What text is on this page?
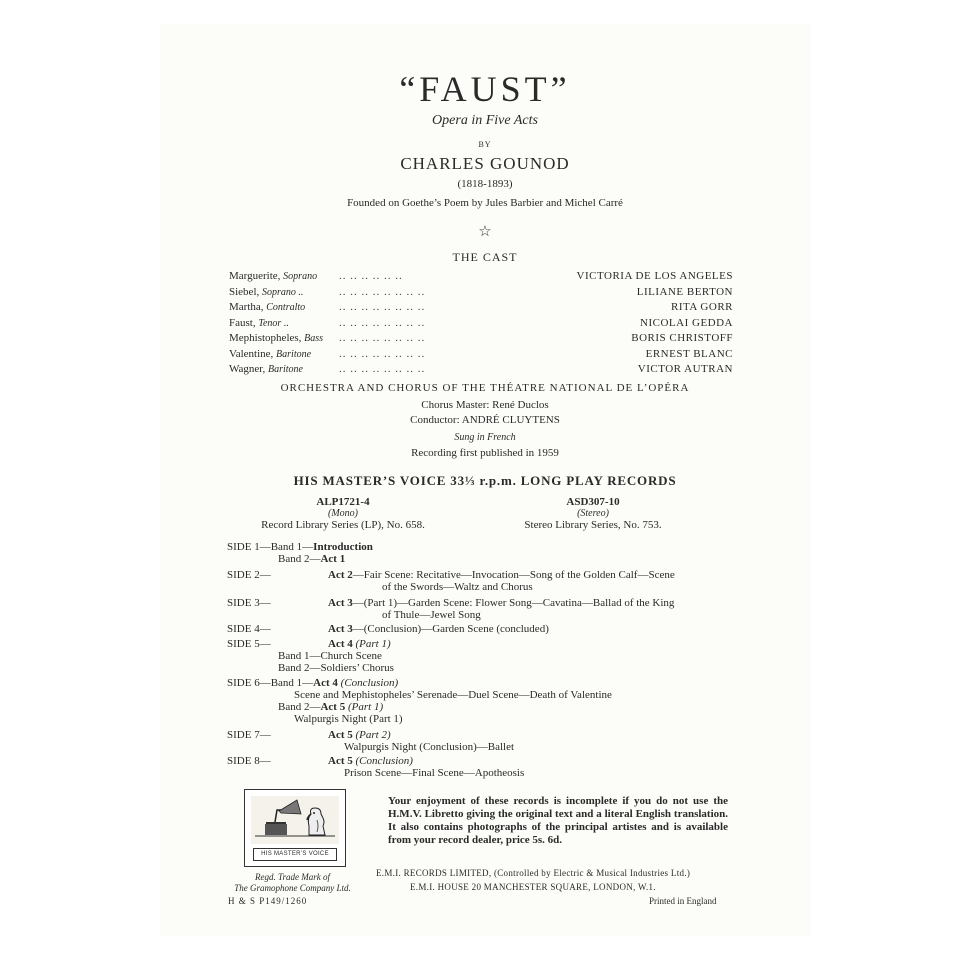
“FAUST”
Opera in Five Acts
BY
CHARLES GOUNOD
(1818-1893)
Founded on Goethe’s Poem by Jules Barbier and Michel Carré
☆
THE CAST
Marguerite, Soprano .. .. .. .. .. ..	VICTORIA DE LOS ANGELES
Siebel, Soprano ..	.. .. .. .. .. .. .. ..	LILIANE BERTON
Martha, Contralto	.. .. .. .. .. .. .. ..	RITA GORR
Faust, Tenor ..	.. .. .. .. .. .. .. ..	NICOLAI GEDDA
Mephistopheles, Bass .. .. .. .. .. .. .. ..	BORIS CHRISTOFF
Valentine, Baritone	.. .. .. .. .. .. .. ..	ERNEST BLANC
Wagner, Baritone	.. .. .. .. .. .. .. ..	VICTOR AUTRAN
ORCHESTRA AND CHORUS OF THE THÉATRE NATIONAL DE L’OPÉRA
Chorus Master: René Duclos
Conductor: ANDRÉ CLUYTENS
Sung in French
Recording first published in 1959
HIS MASTER’S VOICE 33⅓ r.p.m. LONG PLAY RECORDS
ALP1721-4
(Mono)
Record Library Series (LP), No. 658.
ASD307-10
(Stereo)
Stereo Library Series, No. 753.
SIDE 1—Band 1—Introduction
Band 2—Act 1
SIDE 2—	Act 2—Fair Scene: Recitative—Invocation—Song of the Golden Calf—Scene
of the Swords—Waltz and Chorus
SIDE 3—	Act 3—(Part 1)—Garden Scene: Flower Song—Cavatina—Ballad of the King
of Thule—Jewel Song
SIDE 4—	Act 3—(Conclusion)—Garden Scene (concluded)
SIDE 5—	Act 4 (Part 1)
Band 1—Church Scene
Band 2—Soldiers’ Chorus
SIDE 6—Band 1—Act 4 (Conclusion)
Scene and Mephistopheles’ Serenade—Duel Scene—Death of Valentine
Band 2—Act 5 (Part 1)
Walpurgis Night (Part 1)
SIDE 7—	Act 5 (Part 2)
Walpurgis Night (Conclusion)—Ballet
SIDE 8—	Act 5 (Conclusion)
Prison Scene—Final Scene—Apotheosis
HIS MASTER’S VOICE
Regd. Trade Mark of
The Gramophone Company Ltd.
Your enjoyment of these records is incomplete if you do not use the H.M.V. Libretto giving the original text and a literal English translation. It also contains photographs of the principal artistes and is available from your record dealer, price 5s. 6d.
E.M.I. RECORDS LIMITED, (Controlled by Electric & Musical Industries Ltd.)
E.M.I. HOUSE 20 MANCHESTER SQUARE, LONDON, W.1.
H & S P149/1260	Printed in England
